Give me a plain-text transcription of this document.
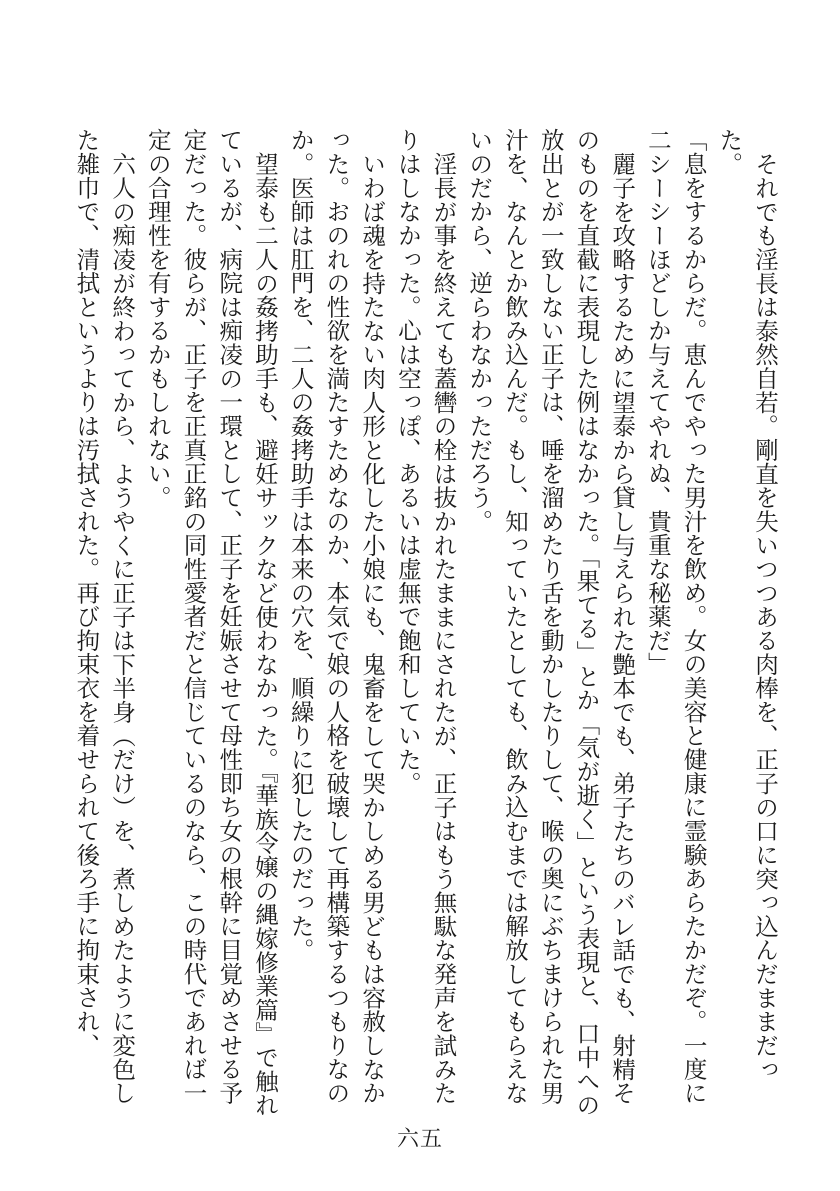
それでも淫長は泰然自若。剛直を失いつつある肉棒を、正子の口に突っ込んだままだった。

「息をするからだ。恵んでやった男汁を飲め。女の美容と健康に霊験あらたかだぞ。一度に二シーシーほどしか与えてやれぬ、貴重な秘薬だ」

麗子を攻略するために望泰から貸し与えられた艶本でも、弟子たちのバレ話でも、射精そのものを直截に表現した例はなかった。「果てる」とか「気が逝く」という表現と、口中への放出とが一致しない正子は、唾を溜めたり舌を動かしたりして、喉の奥にぶちまけられた男汁を、なんとか飲み込んだ。もし、知っていたとしても、飲み込むまでは解放してもらえないのだから、逆らわなかっただろう。

淫長が事を終えても蓋轡の栓は抜かれたままにされたが、正子はもう無駄な発声を試みたりはしなかった。心は空っぽ、あるいは虚無で飽和していた。

いわば魂を持たない肉人形と化した小娘にも、鬼畜をして哭かしめる男どもは容赦しなかった。おのれの性欲を満たすためなのか、本気で娘の人格を破壊して再構築するつもりなのか。医師は肛門を、二人の姦拷助手は本来の穴を、順繰りに犯したのだった。

望泰も二人の姦拷助手も、避妊サックなど使わなかった。『華族令嬢の縄嫁修業篇』で触れているが、病院は痴凌の一環として、正子を妊娠させて母性即ち女の根幹に目覚めさせる予定だった。彼らが、正子を正真正銘の同性愛者だと信じているのなら、この時代であれば一定の合理性を有するかもしれない。

六人の痴凌が終わってから、ようやくに正子は下半身（だけ）を、煮しめたように変色した雑巾で、清拭というよりは汚拭された。再び拘束衣を着せられて後ろ手に拘束され、

六五
